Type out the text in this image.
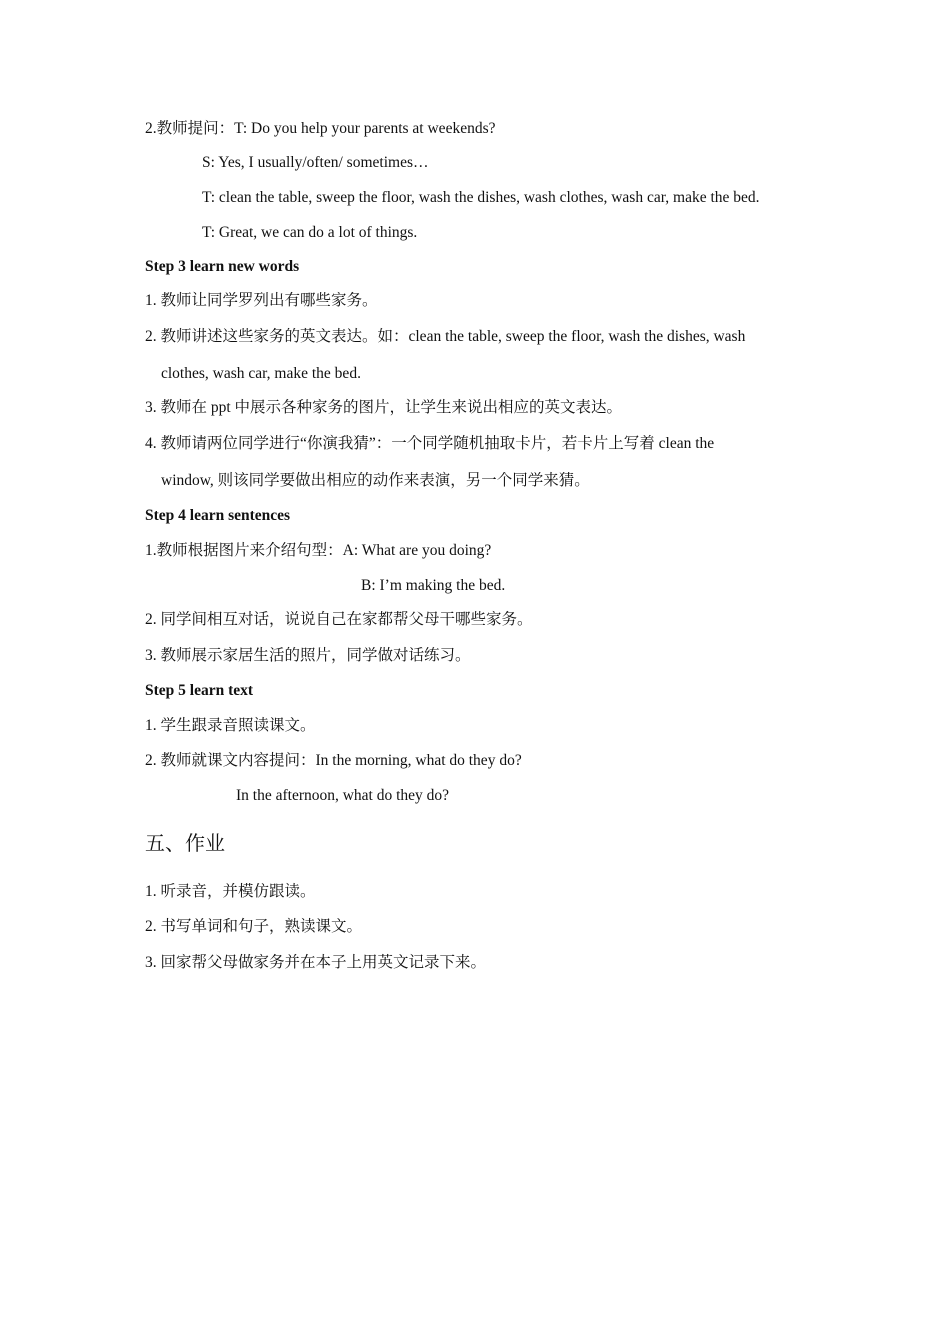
2.教师提问：T: Do you help your parents at weekends?
S: Yes, I usually/often/ sometimes…
T: clean the table, sweep the floor, wash the dishes, wash clothes, wash car, make the bed.
T: Great, we can do a lot of things.
Step 3 learn new words
1. 教师让同学罗列出有哪些家务。
2. 教师讲述这些家务的英文表达。如：clean the table, sweep the floor, wash the dishes, wash
clothes, wash car, make the bed.
3. 教师在 ppt 中展示各种家务的图片，让学生来说出相应的英文表达。
4. 教师请两位同学进行“你演我猜”：一个同学随机抽取卡片，若卡片上写着 clean the
window, 则该同学要做出相应的动作来表演，另一个同学来猜。
Step 4 learn sentences
1.教师根据图片来介绍句型：A: What are you doing?
B: I’m making the bed.
2. 同学间相互对话，说说自己在家都帮父母干哪些家务。
3. 教师展示家居生活的照片，同学做对话练习。
Step 5 learn text
1. 学生跟录音照读课文。
2. 教师就课文内容提问：In the morning, what do they do?
In the afternoon, what do they do?
五、作业
1. 听录音，并模仿跟读。
2. 书写单词和句子，熟读课文。
3. 回家帮父母做家务并在本子上用英文记录下来。
